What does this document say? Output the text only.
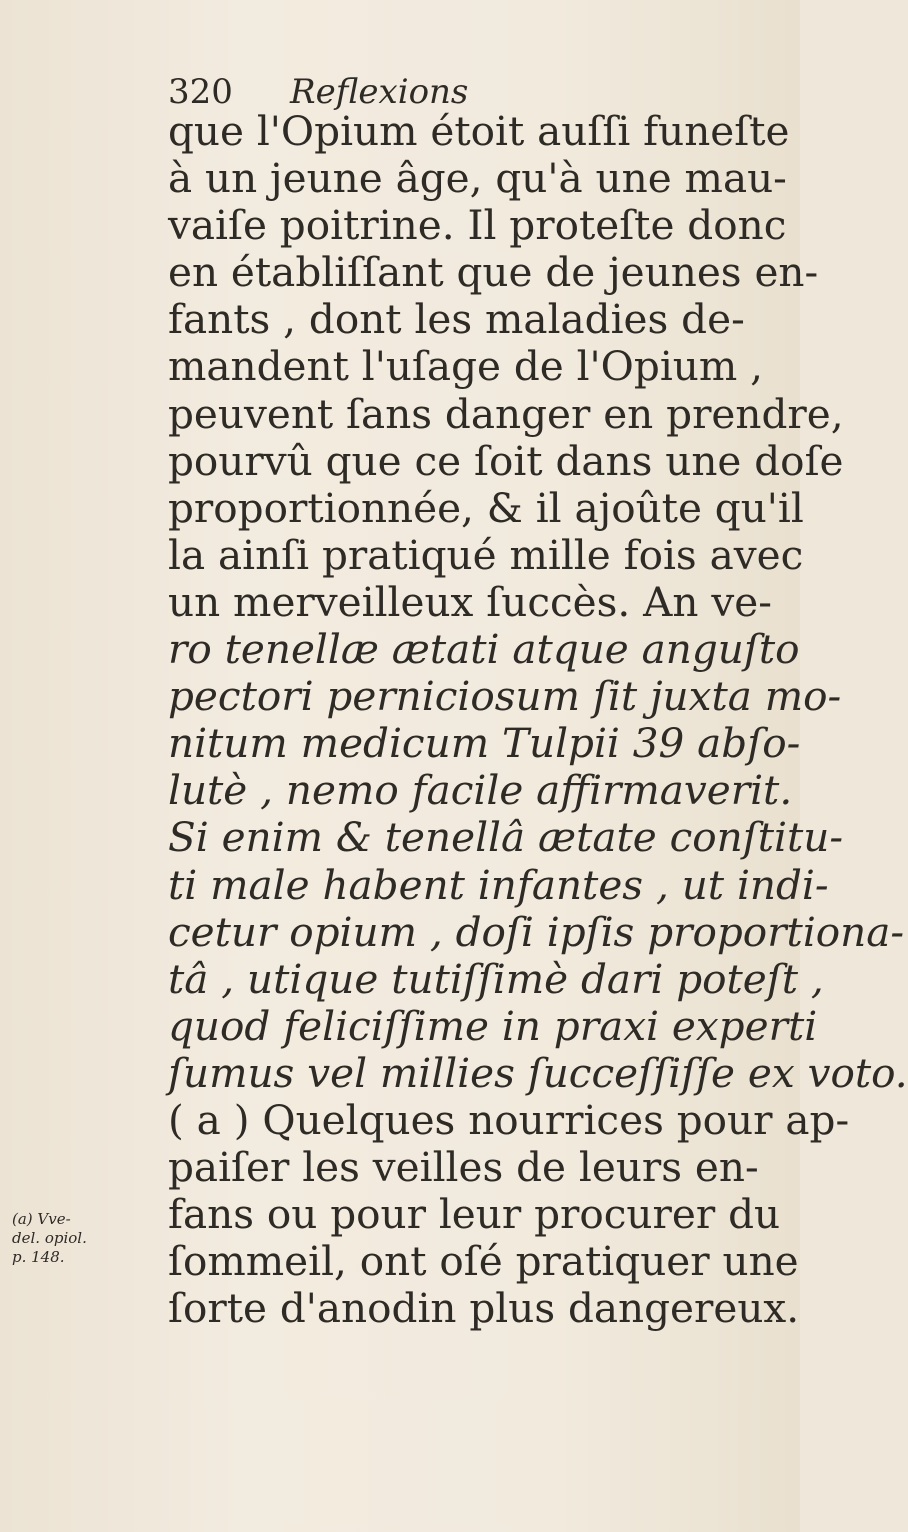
320 Reflexions
que l'Opium étoit auſſi funeſte
à un jeune âge, qu'à une mau-
vaiſe poitrine. Il proteſte donc
en établiſſant que de jeunes en-
fants , dont les maladies de-
mandent l'uſage de l'Opium ,
peuvent ſans danger en prendre,
pourvû que ce ſoit dans une doſe
proportionnée, & il ajoûte qu'il
la ainſi pratiqué mille fois avec
un merveilleux ſuccès. An ve-
ro tenellæ ætati atque anguſto
pectori perniciosum ſit juxta mo-
nitum medicum Tulpii 39 abſo-
lutè , nemo facile affirmaverit.
Si enim & tenellâ ætate conſtitu-
ti male habent infantes , ut indi-
cetur opium , doſi ipſis proportiona-
tâ , utique tutiſſimè dari poteſt ,
quod feliciſſime in praxi experti
ſumus vel millies ſucceſſiſſe ex voto.
( a ) Quelques nourrices pour ap-
paiſer les veilles de leurs en-
fans ou pour leur procurer du
ſommeil, ont oſé pratiquer une
ſorte d'anodin plus dangereux.
(a) Vve-
del. opiol.
p. 148.
